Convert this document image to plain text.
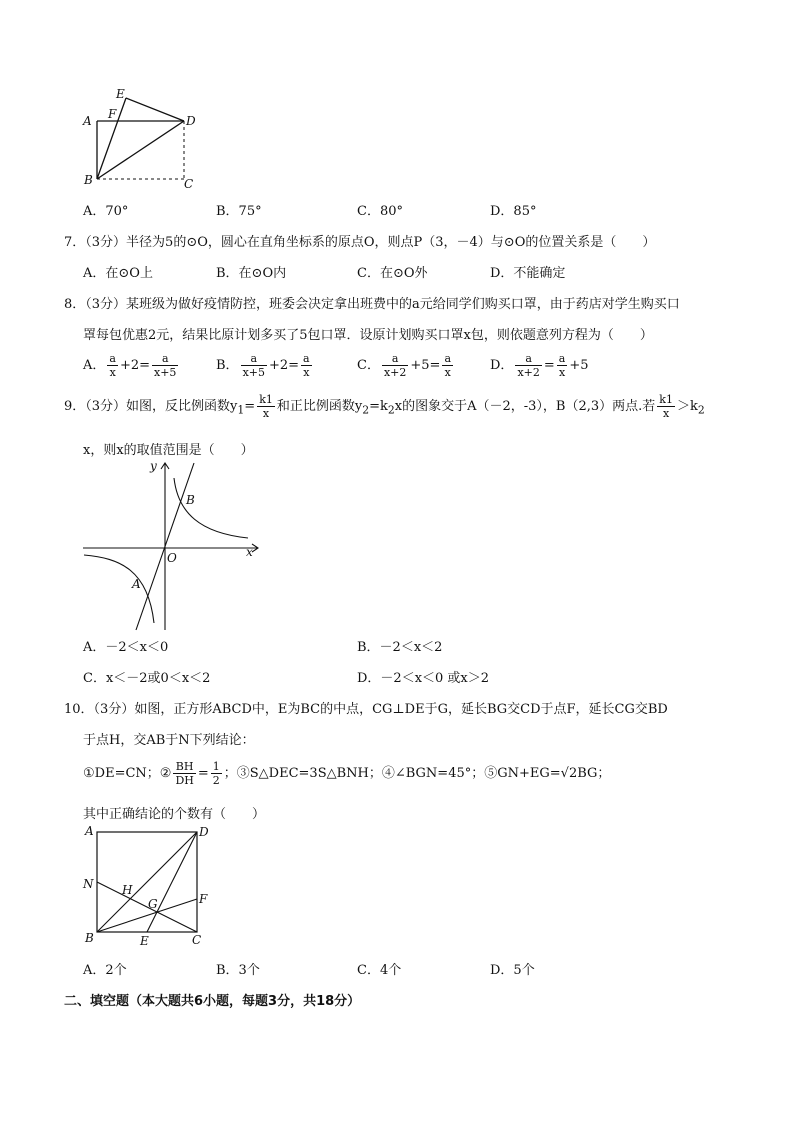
E
A F	D
B	C
A．70°	B．75°	C．80°	D．85°
7．（3分）半径为5的⊙O，圆心在直角坐标系的原点O，则点P（3，－4）与⊙O的位置关系是（　　）
A．在⊙O上	B．在⊙O内	C．在⊙O外	D．不能确定
8．（3分）某班级为做好疫情防控，班委会决定拿出班费中的a元给同学们购买口罩，由于药店对学生购买口
罩每包优惠2元，结果比原计划多买了5包口罩．设原计划购买口罩x包，则依题意列方程为（　　）
A． $\frac{a}{x} +2= \frac{a}{x+5}$	B． $\frac{a}{x+5} +2= \frac{a}{x}$	C． $\frac{a}{x+2} +5= \frac{a}{x}$	D． $\frac{a}{x+2} = \frac{a}{x} +5$
9．（3分）如图，反比例函数$y_1= \frac{k1}{x}$ 和正比例函数$y_2=k_2x$的图象交于A（－2，-3），B（2,3）两点.若 $\frac{k1}{x} >k_2$
x，则x的取值范围是（　　）
y
x
O
A
B
A．－2＜x＜0	B．－2＜x＜2
C．x＜－2或0＜x＜2	D．－2＜x＜0 或x＞2
10．（3分）如图，正方形ABCD中，E为BC的中点，CG⊥DE于G，延长BG交CD于点F，延长CG交BD
于点H，交AB于N下列结论：
①DE=CN；② $\frac{BH}{DH} = \frac{1}{2}$ ；③S△DEC=3S△BNH；④∠BGN=45°；⑤GN+EG=√2BG；
其中正确结论的个数有（　　）
A	D
N H
G	F
B	E	C
A．2个	B．3个	C．4个	D．5个
二、填空题（本大题共6小题，每题3分，共18分）
